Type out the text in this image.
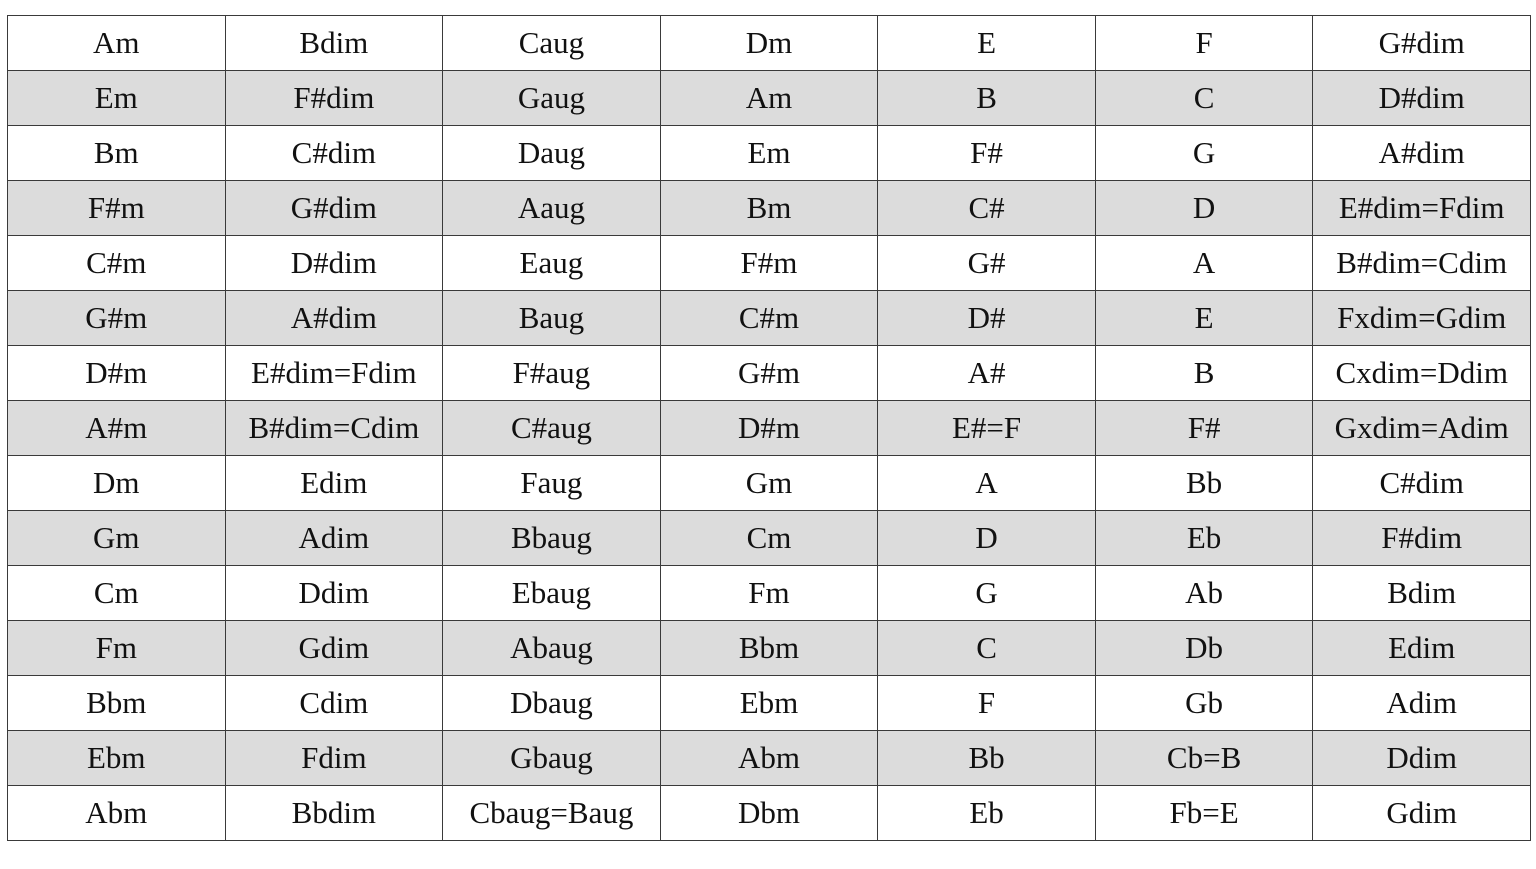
Am	Bdim	Caug	Dm	E	F	G#dim
Em	F#dim	Gaug	Am	B	C	D#dim
Bm	C#dim	Daug	Em	F#	G	A#dim
F#m	G#dim	Aaug	Bm	C#	D	E#dim=Fdim
C#m	D#dim	Eaug	F#m	G#	A	B#dim=Cdim
G#m	A#dim	Baug	C#m	D#	E	Fxdim=Gdim
D#m	E#dim=Fdim	F#aug	G#m	A#	B	Cxdim=Ddim
A#m	B#dim=Cdim	C#aug	D#m	E#=F	F#	Gxdim=Adim
Dm	Edim	Faug	Gm	A	Bb	C#dim
Gm	Adim	Bbaug	Cm	D	Eb	F#dim
Cm	Ddim	Ebaug	Fm	G	Ab	Bdim
Fm	Gdim	Abaug	Bbm	C	Db	Edim
Bbm	Cdim	Dbaug	Ebm	F	Gb	Adim
Ebm	Fdim	Gbaug	Abm	Bb	Cb=B	Ddim
Abm	Bbdim	Cbaug=Baug	Dbm	Eb	Fb=E	Gdim
